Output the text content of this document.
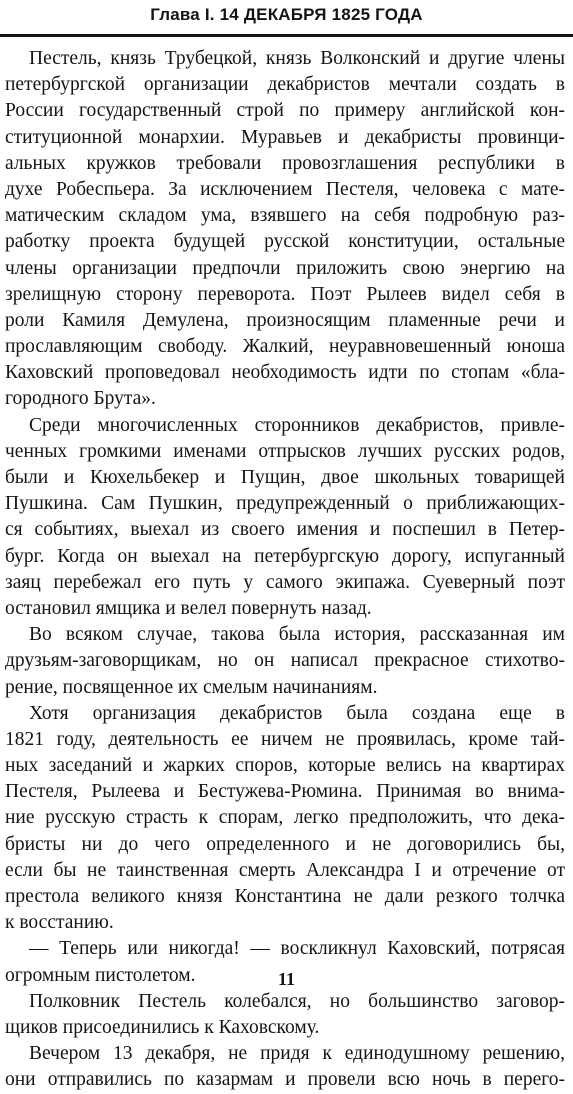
Глава I. 14 ДЕКАБРЯ 1825 ГОДА
Пестель, князь Трубецкой, князь Волконский и другие члены
петербургской организации декабристов мечтали создать в
России государственный строй по примеру английской кон-
ституционной монархии. Муравьев и декабристы провинци-
альных кружков требовали провозглашения республики в
духе Робеспьера. За исключением Пестеля, человека с мате-
матическим складом ума, взявшего на себя подробную раз-
работку проекта будущей русской конституции, остальные
члены организации предпочли приложить свою энергию на
зрелищную сторону переворота. Поэт Рылеев видел себя в
роли Камиля Демулена, произносящим пламенные речи и
прославляющим свободу. Жалкий, неуравновешенный юноша
Каховский проповедовал необходимость идти по стопам «бла-
городного Брута».
Среди многочисленных сторонников декабристов, привле-
ченных громкими именами отпрысков лучших русских родов,
были и Кюхельбекер и Пущин, двое школьных товарищей
Пушкина. Сам Пушкин, предупрежденный о приближающих-
ся событиях, выехал из своего имения и поспешил в Петер-
бург. Когда он выехал на петербургскую дорогу, испуганный
заяц перебежал его путь у самого экипажа. Суеверный поэт
остановил ямщика и велел повернуть назад.
Во всяком случае, такова была история, рассказанная им
друзьям-заговорщикам, но он написал прекрасное стихотво-
рение, посвященное их смелым начинаниям.
Хотя организация декабристов была создана еще в
1821 году, деятельность ее ничем не проявилась, кроме тай-
ных заседаний и жарких споров, которые велись на квартирах
Пестеля, Рылеева и Бестужева-Рюмина. Принимая во внима-
ние русскую страсть к спорам, легко предположить, что дека-
бристы ни до чего определенного и не договорились бы,
если бы не таинственная смерть Александра I и отречение от
престола великого князя Константина не дали резкого толчка
к восстанию.
— Теперь или никогда! — воскликнул Каховский, потрясая
огромным пистолетом.
Полковник Пестель колебался, но большинство заговор-
щиков присоединились к Каховскому.
Вечером 13 декабря, не придя к единодушному решению,
они отправились по казармам и провели всю ночь в перего-
11
